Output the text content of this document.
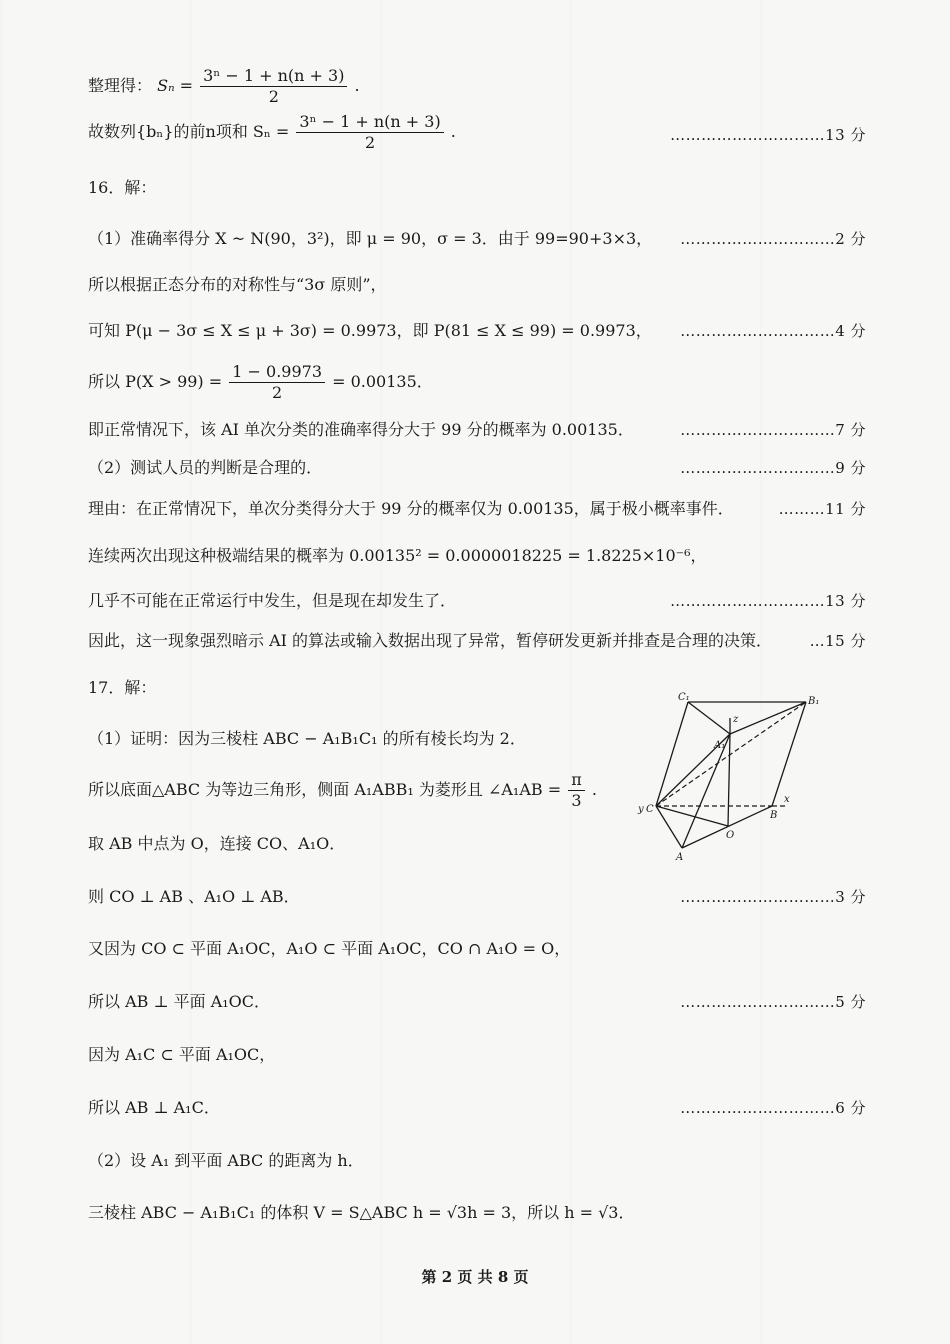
整理得： $S_n = \frac{\text{3ⁿ − 1 + n(n + 3)}}{2}$ .
故数列{bₙ}的前n项和 $S_n = \frac{\text{3ⁿ − 1 + n(n + 3)}}{2}$ .	…………………………13 分
16．解：
（1）准确率得分 X ~ N(90，3²)，即 μ = 90，σ = 3．由于 99=90+3×3， …………………………2 分
所以根据正态分布的对称性与“3σ 原则”，
可知 P(μ − 3σ ≤ X ≤ μ + 3σ) = 0.9973，即 P(81 ≤ X ≤ 99) = 0.9973， …………………………4 分
所以 $P(X > 99) = \frac{1 - 0.9973}{2} = 0.00135$．
即正常情况下，该 AI 单次分类的准确率得分大于 99 分的概率为 0.00135．	…………………………7 分
（2）测试人员的判断是合理的．	…………………………9 分
理由：在正常情况下，单次分类得分大于 99 分的概率仅为 0.00135，属于极小概率事件．	………11 分
连续两次出现这种极端结果的概率为 0.00135² = 0.0000018225 = 1.8225×10⁻⁶，
几乎不可能在正常运行中发生，但是现在却发生了．	…………………………13 分
因此，这一现象强烈暗示 AI 的算法或输入数据出现了异常，暂停研发更新并排查是合理的决策．	…15 分
17．解：
（1）证明：因为三棱柱 ABC − A₁B₁C₁ 的所有棱长均为 2．
所以底面△ABC 为等边三角形，侧面 A₁ABB₁ 为菱形且 ∠A₁AB = $\frac{\pi}{3}$ .
取 AB 中点为 O，连接 CO、A₁O．
则 CO ⊥ AB 、A₁O ⊥ AB．	…………………………3 分
又因为 CO ⊂ 平面 A₁OC，A₁O ⊂ 平面 A₁OC，CO ∩ A₁O = O，
所以 AB ⊥ 平面 A₁OC．	…………………………5 分
因为 A₁C ⊂ 平面 A₁OC，
所以 AB ⊥ A₁C．	…………………………6 分
（2）设 A₁ 到平面 ABC 的距离为 h．
三棱柱 ABC − A₁B₁C₁ 的体积 V = S△ABC h = √3h = 3，所以 h = √3．
C₁	B₁
A₁
z
y C
B
x
O
A
第 2 页 共 8 页
